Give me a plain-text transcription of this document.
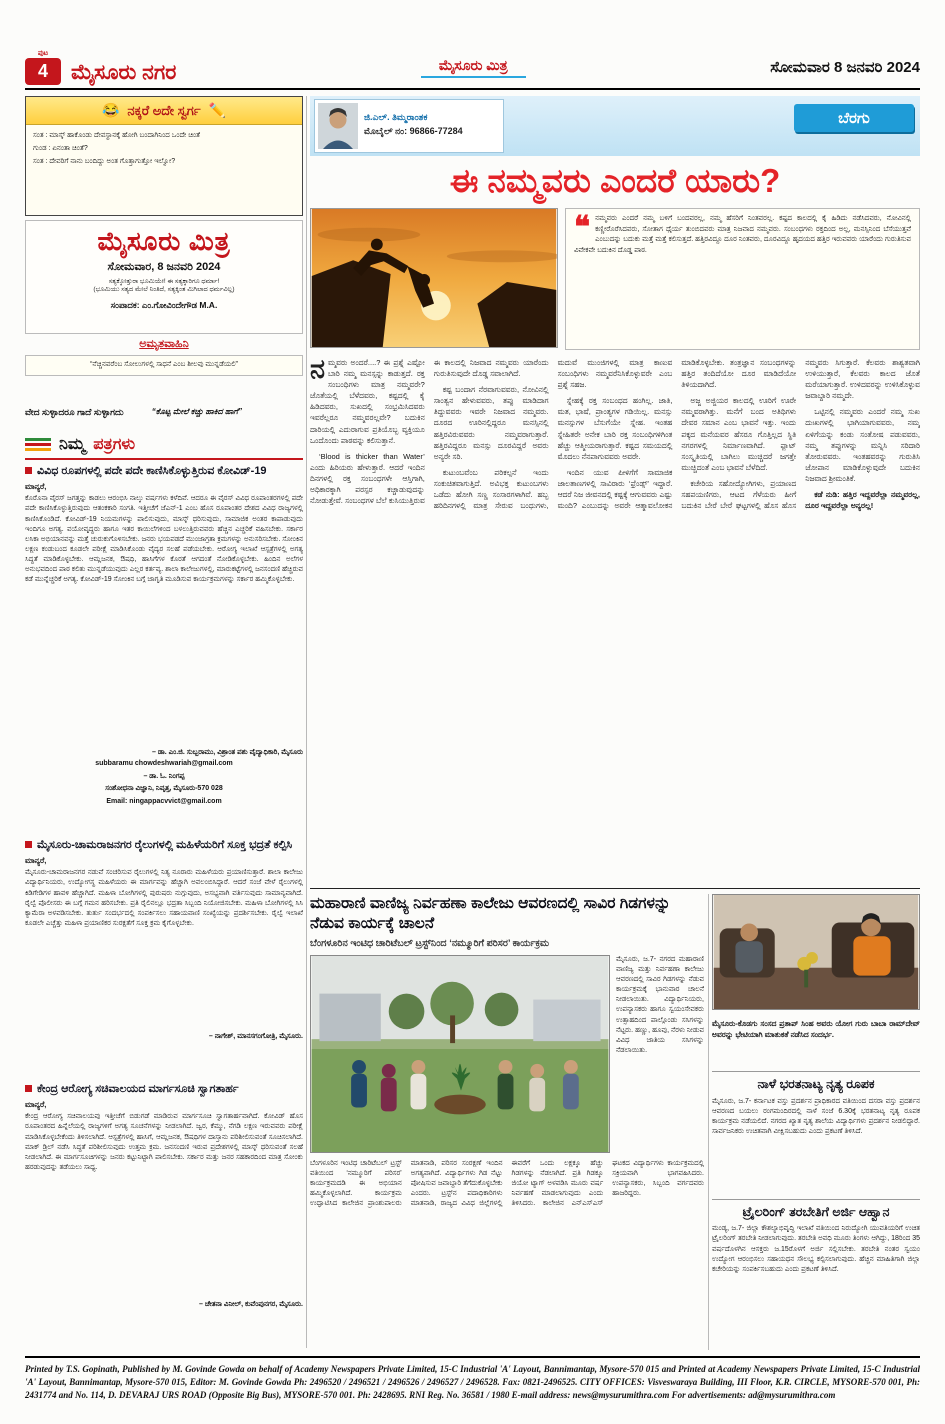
ಪುಟ
4	ಮೈಸೂರು ನಗರ	ಮೈಸೂರು ಮಿತ್ರ	ಸೋಮವಾರ 8 ಜನವರಿ 2024
😂 ನಕ್ಕರೆ ಅದೇ ಸ್ವರ್ಗ ✏️
ಸಂತ : ಮಾಸ್ಕ್ ಹಾಕೊಂಡು ದೇವಸ್ಥಾನಕ್ಕೆ ಹೋಗಿ ಬಂದಾಗಿನಿಂದ ಒಂದೇ ಚಿಂತೆ
ಗುಂಡ : ಏನಂತಾ ಚಿಂತೆ?
ಸಂತ : ದೇವರಿಗೆ ನಾನು ಬಂದಿದ್ದು ಅಂತ ಗೊತ್ತಾಗುತ್ತೋ ಇಲ್ವೋ?
ಮೈಸೂರು ಮಿತ್ರ
ಸೋಮವಾರ, 8 ಜನವರಿ 2024
ಸತ್ಯಕ್ಕೋತ್ತುರಾ ಭೂಮಿಯೇ! ಈ ಸತ್ಯಕ್ಕಾರಿಗೂ ಧರ್ಮಾ!
(ಭೂಮಿಯು ಸತ್ಯದ ಮೇಲೆ ನಿಂತಿದೆ, ಸತ್ಯಕ್ಕಿಂತ ಮಿಗಿಲಾದ ಧರ್ಮವಿಲ್ಲ)
ಸಂಪಾದಕ: ಎಂ.ಗೋವಿಂದೇಗೌಡ M.A.
ಅಮೃತವಾಹಿನಿ
“ನೆಚ್ಚಿನವರೆಂಬ ಸೋಲುಗಳಲ್ಲಿ ಸಾಧನೆ ಎಂಬ ಶೀಲವು ಮುನ್ನಡೆಯಲಿ”
ವೇದ ಸುಳ್ಳಾದರೂ ಗಾದೆ ಸುಳ್ಳಾಗದು	“ಕೊಟ್ಟ ಮೇಲೆ ಕಚ್ಚು ಹಾಕಿದ ಹಾಗೆ”
ನಿಮ್ಮ ಪತ್ರಗಳು
ವಿವಿಧ ರೂಪಗಳಲ್ಲಿ ಪದೇ ಪದೇ ಕಾಣಿಸಿಕೊಳ್ಳುತ್ತಿರುವ ಕೋವಿಡ್-19
ಮಾನ್ಯರೆ,
ಕೊರೊನಾ ವೈರಸ್ ಜಗತ್ತನ್ನು ಕಾಡಲು ಆರಂಭಿಸಿ ನಾಲ್ಕು ವರ್ಷಗಳು ಕಳೆದಿವೆ. ಆದರೂ ಈ ವೈರಸ್ ವಿವಿಧ ರೂಪಾಂತರಗಳಲ್ಲಿ ಪದೇ ಪದೇ ಕಾಣಿಸಿಕೊಳ್ಳುತ್ತಿರುವುದು ಆತಂಕಕಾರಿ ಸಂಗತಿ. ಇತ್ತೀಚೆಗೆ ಜೆಎನ್-1 ಎಂಬ ಹೊಸ ರೂಪಾಂತರ ದೇಶದ ವಿವಿಧ ರಾಜ್ಯಗಳಲ್ಲಿ ಕಾಣಿಸಿಕೊಂಡಿದೆ. ಕೋವಿಡ್-19 ನಿಯಮಗಳನ್ನು ಪಾಲಿಸುವುದು, ಮಾಸ್ಕ್ ಧರಿಸುವುದು, ಸಾಮಾಜಿಕ ಅಂತರ ಕಾಪಾಡುವುದು ಇಂದಿಗೂ ಅಗತ್ಯ. ವಯೋವೃದ್ಧರು ಹಾಗೂ ಇತರ ಕಾಯಿಲೆಗಳಿಂದ ಬಳಲುತ್ತಿರುವವರು ಹೆಚ್ಚಿನ ಎಚ್ಚರಿಕೆ ವಹಿಸಬೇಕು. ಸರ್ಕಾರ ಲಸಿಕಾ ಅಭಿಯಾನವನ್ನು ಮತ್ತೆ ಚುರುಕುಗೊಳಿಸಬೇಕು. ಜನರು ಭಯಪಡದೆ ಮುಂಜಾಗ್ರತಾ ಕ್ರಮಗಳನ್ನು ಅನುಸರಿಸಬೇಕು. ಸೋಂಕಿನ ಲಕ್ಷಣ ಕಂಡುಬಂದ ಕೂಡಲೇ ಪರೀಕ್ಷೆ ಮಾಡಿಸಿಕೊಂಡು ವೈದ್ಯರ ಸಲಹೆ ಪಡೆಯಬೇಕು. ಆರೋಗ್ಯ ಇಲಾಖೆ ಆಸ್ಪತ್ರೆಗಳಲ್ಲಿ ಅಗತ್ಯ ಸಿದ್ಧತೆ ಮಾಡಿಕೊಳ್ಳಬೇಕು. ಆಮ್ಲಜನಕ, ಔಷಧಿ, ಹಾಸಿಗೆಗಳ ಕೊರತೆ ಆಗದಂತೆ ನೋಡಿಕೊಳ್ಳಬೇಕು. ಹಿಂದಿನ ಅಲೆಗಳ ಅನುಭವದಿಂದ ಪಾಠ ಕಲಿತು ಮುನ್ನಡೆಯುವುದು ಎಲ್ಲರ ಕರ್ತವ್ಯ. ಶಾಲಾ ಕಾಲೇಜುಗಳಲ್ಲಿ, ಮಾರುಕಟ್ಟೆಗಳಲ್ಲಿ ಜನಸಂದಣಿ ಹೆಚ್ಚಿರುವ ಕಡೆ ಮುನ್ನೆಚ್ಚರಿಕೆ ಅಗತ್ಯ. ಕೋವಿಡ್-19 ಸೋಂಕಿನ ಬಗ್ಗೆ ಜಾಗೃತಿ ಮೂಡಿಸುವ ಕಾರ್ಯಕ್ರಮಗಳನ್ನು ಸರ್ಕಾರ ಹಮ್ಮಿಕೊಳ್ಳಬೇಕು.
– ಡಾ. ಎಂ.ಜಿ. ಸುಬ್ಬರಾಮು, ವಿಶ್ರಾಂತ ಪಶು ವೈದ್ಯಾಧಿಕಾರಿ, ಮೈಸೂರು
subbaramu chowdeshwariah@gmail.com
– ಡಾ. ಓ. ನಿಂಗಪ್ಪ
ಸಂಶೋಧನಾ ವಿಜ್ಞಾನಿ, ನಿವೃತ್ತ, ಮೈಸೂರು-570 028
Email: ningappacvvict@gmail.com
ಮೈಸೂರು-ಚಾಮರಾಜನಗರ ರೈಲುಗಳಲ್ಲಿ ಮಹಿಳೆಯರಿಗೆ ಸೂಕ್ತ ಭದ್ರತೆ ಕಲ್ಪಿಸಿ
ಮಾನ್ಯರೆ,
ಮೈಸೂರು-ಚಾಮರಾಜನಗರ ನಡುವೆ ಸಂಚರಿಸುವ ರೈಲುಗಳಲ್ಲಿ ನಿತ್ಯ ನೂರಾರು ಮಹಿಳೆಯರು ಪ್ರಯಾಣಿಸುತ್ತಾರೆ. ಶಾಲಾ ಕಾಲೇಜು ವಿದ್ಯಾರ್ಥಿನಿಯರು, ಉದ್ಯೋಗಸ್ಥ ಮಹಿಳೆಯರು ಈ ಮಾರ್ಗವನ್ನು ಹೆಚ್ಚಾಗಿ ಅವಲಂಬಿಸಿದ್ದಾರೆ. ಆದರೆ ಸಂಜೆ ವೇಳೆ ರೈಲುಗಳಲ್ಲಿ ಕಿಡಿಗೇಡಿಗಳ ಹಾವಳಿ ಹೆಚ್ಚಾಗಿದೆ. ಮಹಿಳಾ ಬೋಗಿಗಳಲ್ಲಿ ಪುರುಷರು ನುಗ್ಗುವುದು, ಅಸಭ್ಯವಾಗಿ ವರ್ತಿಸುವುದು ಸಾಮಾನ್ಯವಾಗಿದೆ. ರೈಲ್ವೆ ಪೊಲೀಸರು ಈ ಬಗ್ಗೆ ಗಮನ ಹರಿಸಬೇಕು. ಪ್ರತಿ ರೈಲಿನಲ್ಲೂ ಭದ್ರತಾ ಸಿಬ್ಬಂದಿ ನಿಯೋಜಿಸಬೇಕು. ಮಹಿಳಾ ಬೋಗಿಗಳಲ್ಲಿ ಸಿಸಿ ಕ್ಯಾಮೆರಾ ಅಳವಡಿಸಬೇಕು. ತುರ್ತು ಸಂದರ್ಭದಲ್ಲಿ ಸಂಪರ್ಕಿಸಲು ಸಹಾಯವಾಣಿ ಸಂಖ್ಯೆಯನ್ನು ಪ್ರದರ್ಶಿಸಬೇಕು. ರೈಲ್ವೆ ಇಲಾಖೆ ಕೂಡಲೇ ಎಚ್ಚೆತ್ತು ಮಹಿಳಾ ಪ್ರಯಾಣಿಕರ ಸುರಕ್ಷತೆಗೆ ಸೂಕ್ತ ಕ್ರಮ ಕೈಗೊಳ್ಳಬೇಕು.
– ನಾಗೇಶ್, ಮಾನಸಗಂಗೋತ್ರಿ, ಮೈಸೂರು.
ಕೇಂದ್ರ ಆರೋಗ್ಯ ಸಚಿವಾಲಯದ ಮಾರ್ಗಸೂಚಿ ಸ್ವಾಗತಾರ್ಹ
ಮಾನ್ಯರೆ,
ಕೇಂದ್ರ ಆರೋಗ್ಯ ಸಚಿವಾಲಯವು ಇತ್ತೀಚೆಗೆ ಬಿಡುಗಡೆ ಮಾಡಿರುವ ಮಾರ್ಗಸೂಚಿ ಸ್ವಾಗತಾರ್ಹವಾಗಿದೆ. ಕೋವಿಡ್ ಹೊಸ ರೂಪಾಂತರದ ಹಿನ್ನೆಲೆಯಲ್ಲಿ ರಾಜ್ಯಗಳಿಗೆ ಅಗತ್ಯ ಸೂಚನೆಗಳನ್ನು ನೀಡಲಾಗಿದೆ. ಜ್ವರ, ಕೆಮ್ಮು, ನೆಗಡಿ ಲಕ್ಷಣ ಇರುವವರು ಪರೀಕ್ಷೆ ಮಾಡಿಸಿಕೊಳ್ಳಬೇಕೆಂದು ತಿಳಿಸಲಾಗಿದೆ. ಆಸ್ಪತ್ರೆಗಳಲ್ಲಿ ಹಾಸಿಗೆ, ಆಮ್ಲಜನಕ, ಔಷಧಿಗಳ ದಾಸ್ತಾನು ಪರಿಶೀಲಿಸುವಂತೆ ಸೂಚಿಸಲಾಗಿದೆ. ಮಾಕ್ ಡ್ರಿಲ್ ನಡೆಸಿ ಸಿದ್ಧತೆ ಪರಿಶೀಲಿಸುವುದು ಉತ್ತಮ ಕ್ರಮ. ಜನಸಂದಣಿ ಇರುವ ಪ್ರದೇಶಗಳಲ್ಲಿ ಮಾಸ್ಕ್ ಧರಿಸುವಂತೆ ಸಲಹೆ ನೀಡಲಾಗಿದೆ. ಈ ಮಾರ್ಗಸೂಚಿಗಳನ್ನು ಜನರು ಕಟ್ಟುನಿಟ್ಟಾಗಿ ಪಾಲಿಸಬೇಕು. ಸರ್ಕಾರ ಮತ್ತು ಜನರ ಸಹಕಾರದಿಂದ ಮಾತ್ರ ಸೋಂಕು ಹರಡುವುದನ್ನು ತಡೆಯಲು ಸಾಧ್ಯ.
– ಚೇತನಾ ವಿನೀಲ್, ಕುವೆಂಪುನಗರ, ಮೈಸೂರು.
ಜಿ.ಎಲ್. ತಿಮ್ಮರಾಂತಕ
ಮೊಬೈಲ್ ನಂ: 96866-77284
ಬೆರಗು
ಈ ನಮ್ಮವರು ಎಂದರೆ ಯಾರು?
❝ ನಮ್ಮವರು ಎಂದರೆ ನಮ್ಮ ಬಳಿಗೆ ಬಂದವರಲ್ಲ, ನಮ್ಮ ಹೆಸರಿಗೆ ನಿಂತವರಲ್ಲ. ಕಷ್ಟದ ಕಾಲದಲ್ಲಿ ಕೈ ಹಿಡಿದು ನಡೆಸಿದವರು, ನೋವಿನಲ್ಲಿ ಕಣ್ಣೀರೊರೆಸಿದವರು, ಸೋತಾಗ ಧೈರ್ಯ ತುಂಬಿದವರು ಮಾತ್ರ ನಿಜವಾದ ನಮ್ಮವರು. ಸಂಬಂಧಗಳು ರಕ್ತದಿಂದ ಅಲ್ಲ, ಮನಸ್ಸಿನಿಂದ ಬೆಸೆಯುತ್ತವೆ ಎಂಬುದನ್ನು ಬದುಕು ಮತ್ತೆ ಮತ್ತೆ ಕಲಿಸುತ್ತದೆ. ಹತ್ತಿರವಿದ್ದೂ ದೂರ ನಿಂತವರು, ದೂರವಿದ್ದೂ ಹೃದಯದ ಹತ್ತಿರ ಇರುವವರು ಯಾರೆಂದು ಗುರುತಿಸುವ ವಿವೇಕವೇ ಬದುಕಿನ ದೊಡ್ಡ ಪಾಠ.

ನಮ್ಮವರು ಅಂದರೆ....? ಈ ಪ್ರಶ್ನೆ ಎಷ್ಟೋ ಬಾರಿ ನಮ್ಮ ಮನಸ್ಸನ್ನು ಕಾಡುತ್ತದೆ. ರಕ್ತ ಸಂಬಂಧಿಗಳು ಮಾತ್ರ ನಮ್ಮವರೇ? ಜೊತೆಯಲ್ಲಿ ಬೆಳೆದವರು, ಕಷ್ಟದಲ್ಲಿ ಕೈ ಹಿಡಿದವರು, ಸುಖದಲ್ಲಿ ಸಂಭ್ರಮಿಸಿದವರು ಇವರೆಲ್ಲರೂ ನಮ್ಮವರಲ್ಲವೇ? ಬದುಕಿನ ದಾರಿಯಲ್ಲಿ ಎದುರಾಗುವ ಪ್ರತಿಯೊಬ್ಬ ವ್ಯಕ್ತಿಯೂ ಒಂದೊಂದು ಪಾಠವನ್ನು ಕಲಿಸುತ್ತಾನೆ.

‘Blood is thicker than Water’ ಎಂದು ಹಿರಿಯರು ಹೇಳುತ್ತಾರೆ. ಆದರೆ ಇಂದಿನ ದಿನಗಳಲ್ಲಿ ರಕ್ತ ಸಂಬಂಧಗಳೇ ಆಸ್ತಿಗಾಗಿ, ಅಧಿಕಾರಕ್ಕಾಗಿ ಪರಸ್ಪರ ಕಚ್ಚಾಡುವುದನ್ನು ನೋಡುತ್ತೇವೆ. ಸಂಬಂಧಗಳ ಬೆಲೆ ಕುಸಿಯುತ್ತಿರುವ ಈ ಕಾಲದಲ್ಲಿ ನಿಜವಾದ ನಮ್ಮವರು ಯಾರೆಂದು ಗುರುತಿಸುವುದೇ ದೊಡ್ಡ ಸವಾಲಾಗಿದೆ.

ಕಷ್ಟ ಬಂದಾಗ ನೆರವಾಗುವವರು, ನೋವಿನಲ್ಲಿ ಸಾಂತ್ವನ ಹೇಳುವವರು, ತಪ್ಪು ಮಾಡಿದಾಗ ತಿದ್ದುವವರು ಇವರೇ ನಿಜವಾದ ನಮ್ಮವರು. ದೂರದ ಊರಿನಲ್ಲಿದ್ದರೂ ಮನಸ್ಸಿನಲ್ಲಿ ಹತ್ತಿರವಿರುವವರು ನಮ್ಮವರಾಗುತ್ತಾರೆ. ಹತ್ತಿರವಿದ್ದರೂ ಮನಸ್ಸು ದೂರವಿದ್ದರೆ ಅವರು ಅನ್ಯರೇ ಸರಿ.

ಕುಟುಂಬವೆಂಬ ಪರಿಕಲ್ಪನೆ ಇಂದು ಸಂಕುಚಿತವಾಗುತ್ತಿದೆ. ಅವಿಭಕ್ತ ಕುಟುಂಬಗಳು ಒಡೆದು ಹೋಗಿ ಸಣ್ಣ ಸಂಸಾರಗಳಾಗಿವೆ. ಹಬ್ಬ ಹರಿದಿನಗಳಲ್ಲಿ ಮಾತ್ರ ಸೇರುವ ಬಂಧುಗಳು, ಮದುವೆ ಮುಂಜಿಗಳಲ್ಲಿ ಮಾತ್ರ ಕಾಣುವ ಸಂಬಂಧಿಗಳು ನಮ್ಮವರೆನಿಸಿಕೊಳ್ಳುವರೇ ಎಂಬ ಪ್ರಶ್ನೆ ಸಹಜ.

ಸ್ನೇಹಕ್ಕೆ ರಕ್ತ ಸಂಬಂಧದ ಹಂಗಿಲ್ಲ. ಜಾತಿ, ಮತ, ಭಾಷೆ, ಪ್ರಾಂತ್ಯಗಳ ಗಡಿಯಿಲ್ಲ. ಮನಸ್ಸು ಮನಸ್ಸುಗಳ ಬೆಸುಗೆಯೇ ಸ್ನೇಹ. ಇಂತಹ ಸ್ನೇಹಿತರೇ ಅನೇಕ ಬಾರಿ ರಕ್ತ ಸಂಬಂಧಿಗಳಿಗಿಂತ ಹೆಚ್ಚು ಆತ್ಮೀಯರಾಗುತ್ತಾರೆ. ಕಷ್ಟದ ಸಮಯದಲ್ಲಿ ಮೊದಲು ನೆನಪಾಗುವವರು ಅವರೇ.

ಇಂದಿನ ಯುವ ಪೀಳಿಗೆಗೆ ಸಾಮಾಜಿಕ ಜಾಲತಾಣಗಳಲ್ಲಿ ಸಾವಿರಾರು ‘ಫ್ರೆಂಡ್ಸ್’ ಇದ್ದಾರೆ. ಆದರೆ ನಿಜ ಜೀವನದಲ್ಲಿ ಕಷ್ಟಕ್ಕೆ ಆಗುವವರು ಎಷ್ಟು ಮಂದಿ? ಎಂಬುದನ್ನು ಅವರೇ ಆತ್ಮಾವಲೋಕನ ಮಾಡಿಕೊಳ್ಳಬೇಕು. ತಂತ್ರಜ್ಞಾನ ಸಂಬಂಧಗಳನ್ನು ಹತ್ತಿರ ತಂದಿದೆಯೋ ದೂರ ಮಾಡಿದೆಯೋ ತಿಳಿಯದಾಗಿದೆ.

ಅಜ್ಜ ಅಜ್ಜಿಯರ ಕಾಲದಲ್ಲಿ ಊರಿಗೆ ಊರೇ ನಮ್ಮವರಾಗಿತ್ತು. ಮನೆಗೆ ಬಂದ ಅತಿಥಿಗಳು ದೇವರ ಸಮಾನ ಎಂಬ ಭಾವನೆ ಇತ್ತು. ಇಂದು ಪಕ್ಕದ ಮನೆಯವರ ಹೆಸರೂ ಗೊತ್ತಿಲ್ಲದ ಸ್ಥಿತಿ ನಗರಗಳಲ್ಲಿ ನಿರ್ಮಾಣವಾಗಿದೆ. ಫ್ಲಾಟ್ ಸಂಸ್ಕೃತಿಯಲ್ಲಿ ಬಾಗಿಲು ಮುಚ್ಚಿದರೆ ಜಗತ್ತೇ ಮುಚ್ಚಿದಂತೆ ಎಂಬ ಭಾವನೆ ಬೆಳೆದಿದೆ.

ಕಚೇರಿಯ ಸಹೋದ್ಯೋಗಿಗಳು, ಪ್ರಯಾಣದ ಸಹಪಯಣಿಗರು, ಆಟದ ಗೆಳೆಯರು ಹೀಗೆ ಬದುಕಿನ ಬೇರೆ ಬೇರೆ ಘಟ್ಟಗಳಲ್ಲಿ ಹೊಸ ಹೊಸ ನಮ್ಮವರು ಸಿಗುತ್ತಾರೆ. ಕೆಲವರು ಶಾಶ್ವತವಾಗಿ ಉಳಿಯುತ್ತಾರೆ, ಕೆಲವರು ಕಾಲದ ಜೊತೆ ಮರೆಯಾಗುತ್ತಾರೆ. ಉಳಿದವರನ್ನು ಉಳಿಸಿಕೊಳ್ಳುವ ಜವಾಬ್ದಾರಿ ನಮ್ಮದೇ.

ಒಟ್ಟಿನಲ್ಲಿ ನಮ್ಮವರು ಎಂದರೆ ನಮ್ಮ ಸುಖ ದುಃಖಗಳಲ್ಲಿ ಭಾಗಿಯಾಗುವವರು, ನಮ್ಮ ಏಳಿಗೆಯನ್ನು ಕಂಡು ಸಂತೋಷ ಪಡುವವರು, ನಮ್ಮ ತಪ್ಪುಗಳನ್ನು ಮನ್ನಿಸಿ ಸರಿದಾರಿ ತೋರುವವರು. ಇಂತಹವರನ್ನು ಗುರುತಿಸಿ ಜೋಪಾನ ಮಾಡಿಕೊಳ್ಳುವುದೇ ಬದುಕಿನ ನಿಜವಾದ ಶ್ರೀಮಂತಿಕೆ.

ಕಡೆ ನುಡಿ: ಹತ್ತಿರ ಇದ್ದವರೆಲ್ಲಾ ನಮ್ಮವರಲ್ಲ, ದೂರ ಇದ್ದವರೆಲ್ಲಾ ಅನ್ಯರಲ್ಲ!

ಮಹಾರಾಣಿ ವಾಣಿಜ್ಯ ನಿರ್ವಹಣಾ ಕಾಲೇಜು ಆವರಣದಲ್ಲಿ ಸಾವಿರ ಗಿಡಗಳನ್ನು ನೆಡುವ ಕಾರ್ಯಕ್ಕೆ ಚಾಲನೆ
ಬೆಂಗಳೂರಿನ ಇಂಟಿಧ ಚಾರಿಟೆಬಲ್ ಟ್ರಸ್ಟ್‌ನಿಂದ ‘ನಮ್ಮೂರಿಗೆ ಪರಿಸರ’ ಕಾರ್ಯಕ್ರಮ
ಮೈಸೂರು, ಜ.7- ನಗರದ ಮಹಾರಾಣಿ ವಾಣಿಜ್ಯ ಮತ್ತು ನಿರ್ವಹಣಾ ಕಾಲೇಜು ಆವರಣದಲ್ಲಿ ಸಾವಿರ ಗಿಡಗಳನ್ನು ನೆಡುವ ಕಾರ್ಯಕ್ರಮಕ್ಕೆ ಭಾನುವಾರ ಚಾಲನೆ ನೀಡಲಾಯಿತು. ವಿದ್ಯಾರ್ಥಿನಿಯರು, ಉಪನ್ಯಾಸಕರು ಹಾಗೂ ಸ್ವಯಂಸೇವಕರು ಉತ್ಸಾಹದಿಂದ ಪಾಲ್ಗೊಂಡು ಸಸಿಗಳನ್ನು ನೆಟ್ಟರು. ಹಣ್ಣು, ಹೂವು, ನೆರಳು ನೀಡುವ ವಿವಿಧ ಜಾತಿಯ ಸಸಿಗಳನ್ನು ನೆಡಲಾಯಿತು.
ಬೆಂಗಳೂರಿನ ಇಂಟಿಧ ಚಾರಿಟೆಬಲ್ ಟ್ರಸ್ಟ್ ವತಿಯಿಂದ ‘ನಮ್ಮೂರಿಗೆ ಪರಿಸರ’ ಕಾರ್ಯಕ್ರಮದಡಿ ಈ ಅಭಿಯಾನ ಹಮ್ಮಿಕೊಳ್ಳಲಾಗಿದೆ. ಕಾರ್ಯಕ್ರಮ ಉದ್ಘಾಟಿಸಿದ ಕಾಲೇಜಿನ ಪ್ರಾಂಶುಪಾಲರು ಮಾತನಾಡಿ, ಪರಿಸರ ಸಂರಕ್ಷಣೆ ಇಂದಿನ ಅಗತ್ಯವಾಗಿದೆ. ವಿದ್ಯಾರ್ಥಿಗಳು ಗಿಡ ನೆಟ್ಟು ಪೋಷಿಸುವ ಜವಾಬ್ದಾರಿ ತೆಗೆದುಕೊಳ್ಳಬೇಕು ಎಂದರು. ಟ್ರಸ್ಟ್‌ನ ಪದಾಧಿಕಾರಿಗಳು ಮಾತನಾಡಿ, ರಾಜ್ಯದ ವಿವಿಧ ಜಿಲ್ಲೆಗಳಲ್ಲಿ ಈವರೆಗೆ ಒಂದು ಲಕ್ಷಕ್ಕೂ ಹೆಚ್ಚು ಗಿಡಗಳನ್ನು ನೆಡಲಾಗಿದೆ. ಪ್ರತಿ ಗಿಡಕ್ಕೂ ಜಿಯೋ ಟ್ಯಾಗ್ ಅಳವಡಿಸಿ ಮೂರು ವರ್ಷ ನಿರ್ವಹಣೆ ಮಾಡಲಾಗುವುದು ಎಂದು ತಿಳಿಸಿದರು. ಕಾಲೇಜಿನ ಎನ್‌ಎಸ್‌ಎಸ್ ಘಟಕದ ವಿದ್ಯಾರ್ಥಿಗಳು ಕಾರ್ಯಕ್ರಮದಲ್ಲಿ ಸಕ್ರಿಯವಾಗಿ ಭಾಗವಹಿಸಿದರು. ಉಪನ್ಯಾಸಕರು, ಸಿಬ್ಬಂದಿ ವರ್ಗದವರು ಹಾಜರಿದ್ದರು.
ಮೈಸೂರು-ಕೊಡಗು ಸಂಸದ ಪ್ರತಾಪ್ ಸಿಂಹ ಅವರು ಯೋಗ ಗುರು ಬಾಬಾ ರಾಮ್‌ದೇವ್ ಅವರನ್ನು ಭೇಟಿಯಾಗಿ ಮಾತುಕತೆ ನಡೆಸಿದ ಸಂದರ್ಭ.
ನಾಳೆ ಭರತನಾಟ್ಯ ನೃತ್ಯ ರೂಪಕ
ಮೈಸೂರು, ಜ.7- ಕರ್ನಾಟಕ ವಸ್ತು ಪ್ರದರ್ಶನ ಪ್ರಾಧಿಕಾರದ ವತಿಯಿಂದ ದಸರಾ ವಸ್ತು ಪ್ರದರ್ಶನ ಆವರಣದ ಬಯಲು ರಂಗಮಂದಿರದಲ್ಲಿ ನಾಳೆ ಸಂಜೆ 6.30ಕ್ಕೆ ಭರತನಾಟ್ಯ ನೃತ್ಯ ರೂಪಕ ಕಾರ್ಯಕ್ರಮ ನಡೆಯಲಿದೆ. ನಗರದ ಖ್ಯಾತ ನೃತ್ಯ ಶಾಲೆಯ ವಿದ್ಯಾರ್ಥಿಗಳು ಪ್ರದರ್ಶನ ನೀಡಲಿದ್ದಾರೆ. ಸಾರ್ವಜನಿಕರು ಉಚಿತವಾಗಿ ವೀಕ್ಷಿಸಬಹುದು ಎಂದು ಪ್ರಕಟಣೆ ತಿಳಿಸಿದೆ.
ಟ್ರೈಲರಿಂಗ್ ತರಬೇತಿಗೆ ಅರ್ಜಿ ಆಹ್ವಾನ
ಮಂಡ್ಯ, ಜ.7- ಜಿಲ್ಲಾ ಕೌಶಲ್ಯಾಭಿವೃದ್ಧಿ ಇಲಾಖೆ ವತಿಯಿಂದ ನಿರುದ್ಯೋಗಿ ಯುವತಿಯರಿಗೆ ಉಚಿತ ಟ್ರೈಲರಿಂಗ್ ತರಬೇತಿ ನೀಡಲಾಗುವುದು. ತರಬೇತಿ ಅವಧಿ ಮೂರು ತಿಂಗಳು ಆಗಿದ್ದು, 18ರಿಂದ 35 ವರ್ಷದೊಳಗಿನ ಆಸಕ್ತರು ಜ.15ರೊಳಗೆ ಅರ್ಜಿ ಸಲ್ಲಿಸಬೇಕು. ತರಬೇತಿ ನಂತರ ಸ್ವಯಂ ಉದ್ಯೋಗ ಆರಂಭಿಸಲು ಸಹಾಯಧನ ಸೌಲಭ್ಯ ಕಲ್ಪಿಸಲಾಗುವುದು. ಹೆಚ್ಚಿನ ಮಾಹಿತಿಗಾಗಿ ಜಿಲ್ಲಾ ಕಚೇರಿಯನ್ನು ಸಂಪರ್ಕಿಸಬಹುದು ಎಂದು ಪ್ರಕಟಣೆ ತಿಳಿಸಿದೆ.
Printed by T.S. Gopinath, Published by M. Govinde Gowda on behalf of Academy Newspapers Private Limited, 15-C Industrial 'A' Layout, Bannimantap, Mysore-570 015 and Printed at Academy Newspapers Private Limited, 15-C Industrial 'A' Layout, Bannimantap, Mysore-570 015, Editor: M. Govinde Gowda Ph: 2496520 / 2496521 / 2496526 / 2496527 / 2496528. Fax: 0821-2496525. CITY OFFICES: Visveswaraya Building, III Floor, K.R. CIRCLE, MYSORE-570 001, Ph: 2431774 and No. 114, D. DEVARAJ URS ROAD (Opposite Big Bus), MYSORE-570 001. Ph: 2428695. RNI Reg. No. 36581 / 1980 E-mail address: news@mysurumithra.com For advertisements: ad@mysurumithra.com
